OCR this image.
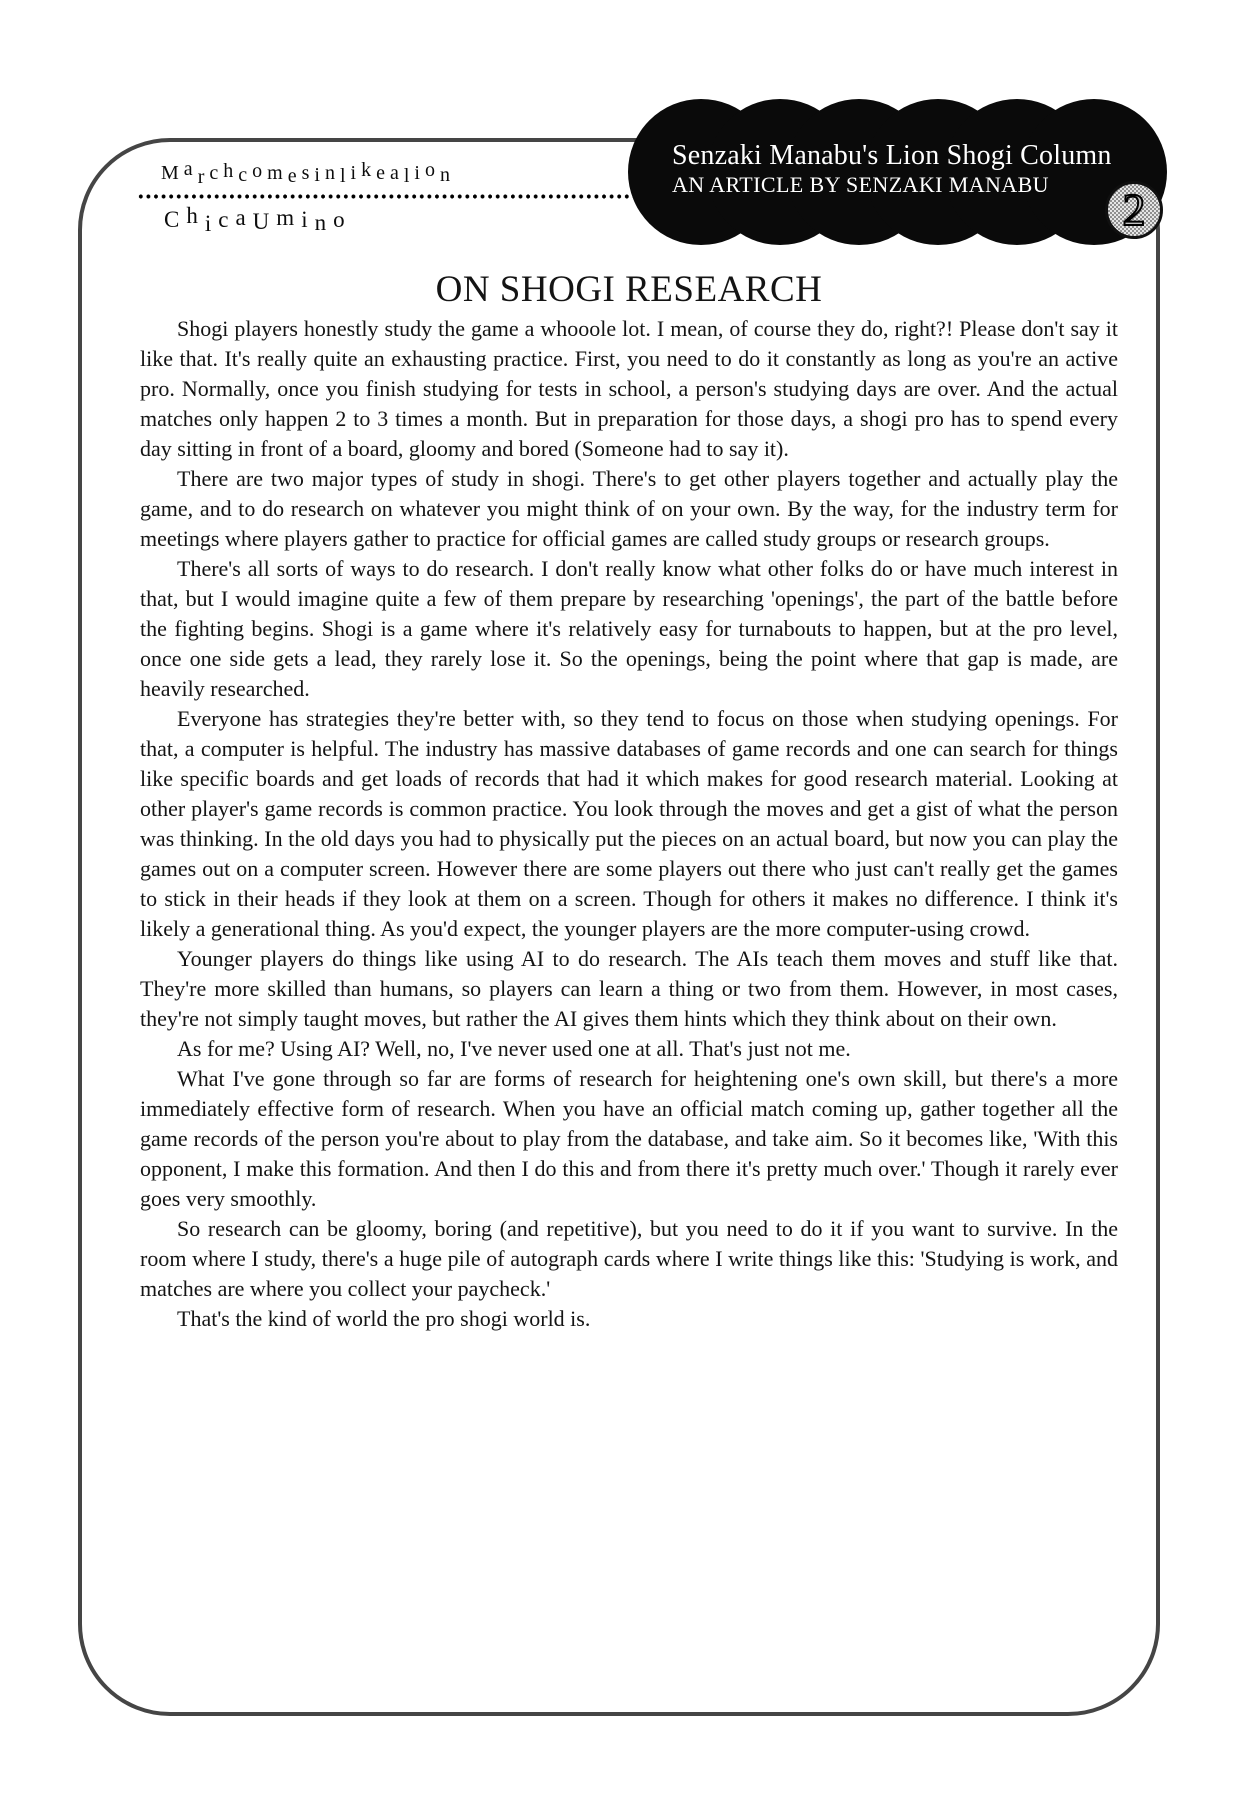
Marchcomesinlikealion
ChicaUmino
Senzaki Manabu's Lion Shogi Column
AN ARTICLE BY SENZAKI MANABU	2
ON SHOGI RESEARCH

Shogi players honestly study the game a whooole lot. I mean, of course they do, right?! Please don't say it like that. It's really quite an exhausting practice. First, you need to do it constantly as long as you're an active pro. Normally, once you finish studying for tests in school, a person's studying days are over. And the actual matches only happen 2 to 3 times a month. But in preparation for those days, a shogi pro has to spend every day sitting in front of a board, gloomy and bored (Someone had to say it).

There are two major types of study in shogi. There's to get other players together and actually play the game, and to do research on whatever you might think of on your own. By the way, for the industry term for meetings where players gather to practice for official games are called study groups or research groups.

There's all sorts of ways to do research. I don't really know what other folks do or have much interest in that, but I would imagine quite a few of them prepare by researching 'openings', the part of the battle before the fighting begins. Shogi is a game where it's relatively easy for turnabouts to happen, but at the pro level, once one side gets a lead, they rarely lose it. So the openings, being the point where that gap is made, are heavily researched.

Everyone has strategies they're better with, so they tend to focus on those when studying openings. For that, a computer is helpful. The industry has massive databases of game records and one can search for things like specific boards and get loads of records that had it which makes for good research material. Looking at other player's game records is common practice. You look through the moves and get a gist of what the person was thinking. In the old days you had to physically put the pieces on an actual board, but now you can play the games out on a computer screen. However there are some players out there who just can't really get the games to stick in their heads if they look at them on a screen. Though for others it makes no difference. I think it's likely a generational thing. As you'd expect, the younger players are the more computer-using crowd.

Younger players do things like using AI to do research. The AIs teach them moves and stuff like that. They're more skilled than humans, so players can learn a thing or two from them. However, in most cases, they're not simply taught moves, but rather the AI gives them hints which they think about on their own.

As for me? Using AI? Well, no, I've never used one at all. That's just not me.

What I've gone through so far are forms of research for heightening one's own skill, but there's a more immediately effective form of research. When you have an official match coming up, gather together all the game records of the person you're about to play from the database, and take aim. So it becomes like, 'With this opponent, I make this formation. And then I do this and from there it's pretty much over.' Though it rarely ever goes very smoothly.

So research can be gloomy, boring (and repetitive), but you need to do it if you want to survive. In the room where I study, there's a huge pile of autograph cards where I write things like this: 'Studying is work, and matches are where you collect your paycheck.'

That's the kind of world the pro shogi world is.
